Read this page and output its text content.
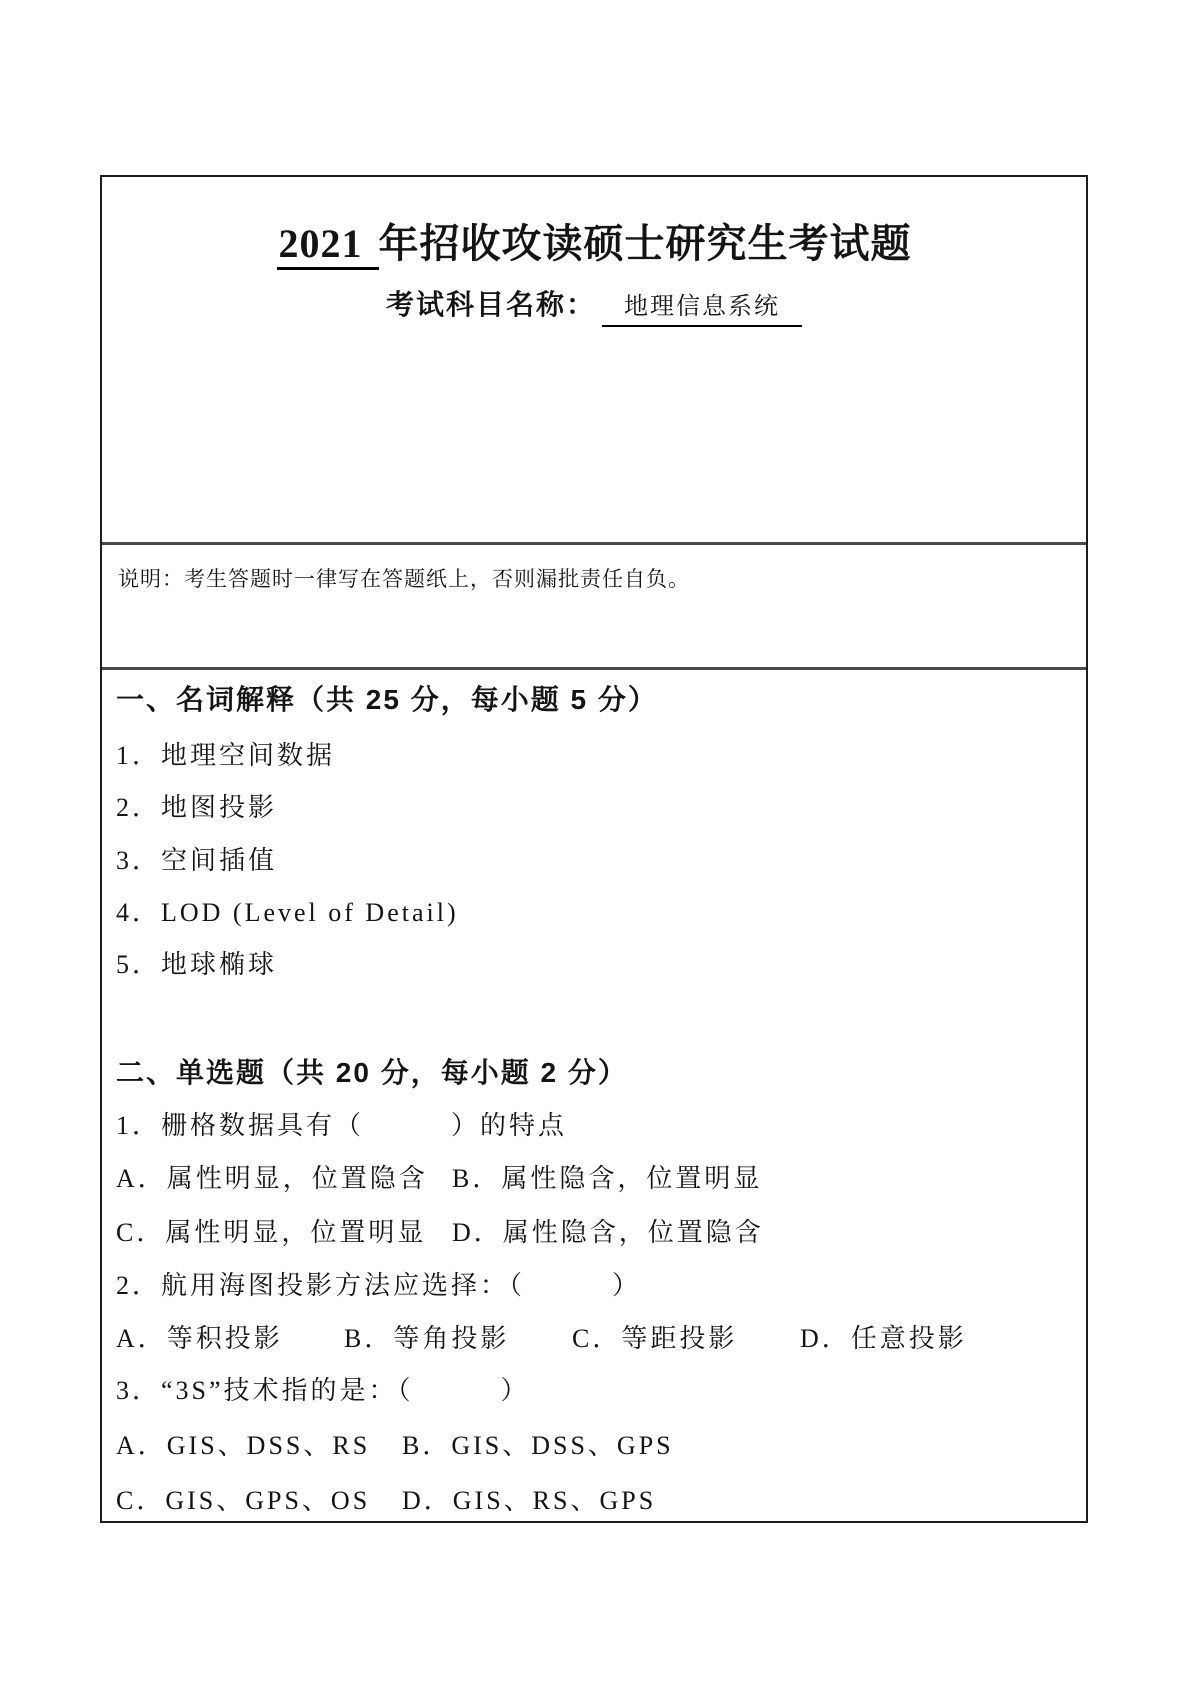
2021 年招收攻读硕士研究生考试题
考试科目名称： 地理信息系统
说明：考生答题时一律写在答题纸上，否则漏批责任自负。
一、名词解释（共 25 分，每小题 5 分）
1．地理空间数据
2．地图投影
3．空间插值
4．LOD (Level of Detail)
5．地球椭球
二、单选题（共 20 分，每小题 2 分）
1．栅格数据具有（　　　）的特点
A．属性明显，位置隐含 B．属性隐含，位置明显
C．属性明显，位置明显 D．属性隐含，位置隐含
2．航用海图投影方法应选择：（　　　）
A．等积投影	B．等角投影	C．等距投影	D．任意投影
3．“3S”技术指的是：（　　　）
A．GIS、DSS、RS	B．GIS、DSS、GPS
C．GIS、GPS、OS	D．GIS、RS、GPS
